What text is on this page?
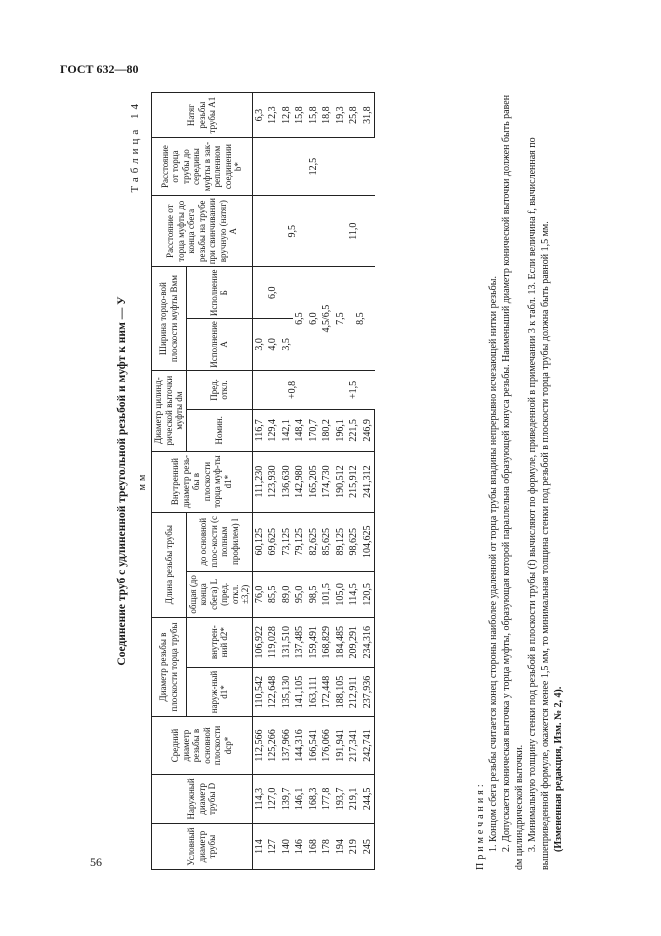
ГОСТ 632—80
56
Соединение труб с удлиненной треугольной резьбой и муфт к ним — У мм
Таблица 14
Условный диаметр трубы	Наружный диаметр трубы D	Средний диаметр резьбы в основной плоскости dср*	Диаметр резьбы в плоскости торца трубы		Длина резьбы трубы		Внутренний диаметр резь-бы в плоскости торца муф-ты d1*	Диаметр цилинд-рической выточки муфты dм		Ширина торцо-вой плоскости муфты Bмм		Расстояние от торца муфты до конца сбега резьбы на трубе при свинчивании вручную (натяг) A	Расстояние от торца трубы до середины муфты в зак-репленном соединении b*	Натяг резьбы трубы A1
			наруж-ный d1*	внутрен-ний d2*	общая (до конца сбега) L (пред. откл. ±3,2)	до основной плос-кости (с полным профилем) l		Номин.	Пред. откл.	Исполнение А	Исполнение Б			
114	114,3	112,566	110,542	106,922	76,0	60,125	111,230	116,7	+0,8	3,0	6,0	9,5	12,5	6,3
127	127,0	125,266	122,648	119,028	85,5	69,625	123,930	129,4		4,0				12,3
140	139,7	137,966	135,130	131,510	89,0	73,125	136,630	142,1		3,5				12,8
146	146,1	144,316	141,105	137,485	95,0	79,125	142,980	148,4		6,5				15,8
168	168,3	166,541	163,111	159,491	98,5	82,625	165,205	170,7		6,0				15,8
178	177,8	176,066	172,448	168,829	101,5	85,625	174,730	180,2		4,5/6,5				18,8
194	193,7	191,941	188,105	184,485	105,0	89,125	190,512	196,1	+1,5	7,5		11,0		19,3
219	219,1	217,341	212,911	209,291	114,5	98,625	215,912	221,5		8,5				25,8
245	244,5	242,741	237,936	234,316	120,5	104,625	241,312	246,9						31,8

Примечания: 1. Концом сбега резьбы считается конец стороны наиболее удаленной от торца трубы впадины непрерывно исчезающей нитки резьбы. 2. Допускается коническая выточка у торца муфты, образующая которой параллельна образующей конуса резьбы. Наименьший диаметр конической выточки должен быть равен dм цилиндрической выточки. 3. Минимальную толщину стенки под резьбой в плоскости трубы (f) вычисляют по формуле, приведенной в примечании 3 к табл. 13. Если величина f, вычисленная по вышеприведенной формуле, окажется менее 1,5 мм, то минимальная толщина стенки под резьбой в плоскости торца трубы должна быть равной 1,5 мм. (Измененная редакция, Изм. № 2, 4).
